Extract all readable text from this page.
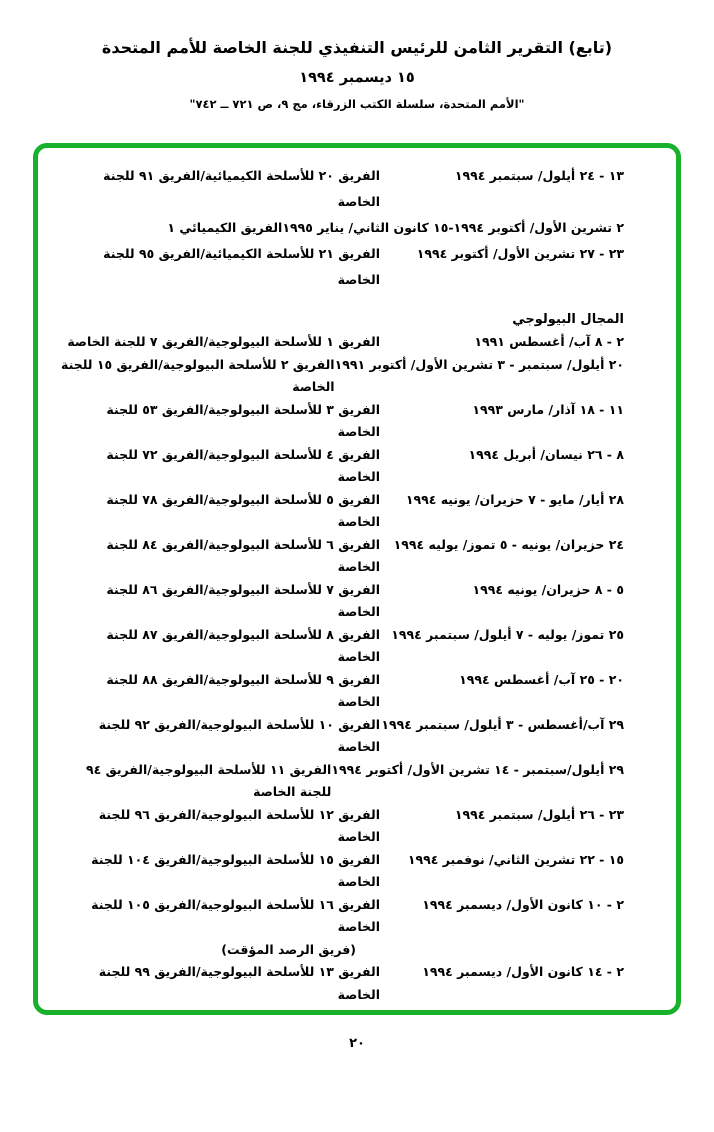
(تابع) التقرير الثامن للرئيس التنفيذي للجنة الخاصة للأمم المتحدة
١٥ ديسمبر ١٩٩٤
"الأمم المتحدة، سلسلة الكتب الزرقاء، مج ٩، ص ٧٢١ ــ ٧٤٢"
١٣ - ٢٤ أيلول/ سبتمبر ١٩٩٤
الفريق ٢٠ للأسلحة الكيميائية/الفريق ٩١ للجنة الخاصة
٢ تشرين الأول/ أكتوبر ١٩٩٤-١٥ كانون الثاني/ يناير ١٩٩٥
الفريق الكيميائي ١
٢٣ - ٢٧ تشرين الأول/ أكتوبر ١٩٩٤
الفريق ٢١ للأسلحة الكيميائية/الفريق ٩٥ للجنة الخاصة
المجال البيولوجي
٢ - ٨ آب/ أغسطس ١٩٩١
الفريق ١ للأسلحة البيولوجية/الفريق ٧ للجنة الخاصة
٢٠ أيلول/ سبتمبر - ٣ تشرين الأول/ أكتوبر ١٩٩١
الفريق ٢ للأسلحة البيولوجية/الفريق ١٥ للجنة الخاصة
١١ - ١٨ آذار/ مارس ١٩٩٣
الفريق ٣ للأسلحة البيولوجية/الفريق ٥٣ للجنة الخاصة
٨ - ٢٦ نيسان/ أبريل ١٩٩٤
الفريق ٤ للأسلحة البيولوجية/الفريق ٧٢ للجنة الخاصة
٢٨ أيار/ مايو - ٧ حزيران/ يونيه ١٩٩٤
الفريق ٥ للأسلحة البيولوجية/الفريق ٧٨ للجنة الخاصة
٢٤ حزيران/ يونيه - ٥ تموز/ يوليه ١٩٩٤
الفريق ٦ للأسلحة البيولوجية/الفريق ٨٤ للجنة الخاصة
٥ - ٨ حزيران/ يونيه ١٩٩٤
الفريق ٧ للأسلحة البيولوجية/الفريق ٨٦ للجنة الخاصة
٢٥ تموز/ يوليه - ٧ أيلول/ سبتمبر ١٩٩٤
الفريق ٨ للأسلحة البيولوجية/الفريق ٨٧ للجنة الخاصة
٢٠ - ٢٥ آب/ أغسطس ١٩٩٤
الفريق ٩ للأسلحة البيولوجية/الفريق ٨٨ للجنة الخاصة
٢٩ آب/أغسطس - ٣ أيلول/ سبتمبر ١٩٩٤
الفريق ١٠ للأسلحة البيولوجية/الفريق ٩٢ للجنة الخاصة
٢٩ أيلول/سبتمبر - ١٤ تشرين الأول/ أكتوبر ١٩٩٤
الفريق ١١ للأسلحة البيولوجية/الفريق ٩٤ للجنة الخاصة
٢٣ - ٢٦ أيلول/ سبتمبر ١٩٩٤
الفريق ١٢ للأسلحة البيولوجية/الفريق ٩٦ للجنة الخاصة
١٥ - ٢٢ تشرين الثاني/ نوفمبر ١٩٩٤
الفريق ١٥ للأسلحة البيولوجية/الفريق ١٠٤ للجنة الخاصة
٢ - ١٠ كانون الأول/ ديسمبر ١٩٩٤
الفريق ١٦ للأسلحة البيولوجية/الفريق ١٠٥ للجنة الخاصة
(فريق الرصد المؤقت)
٢ - ١٤ كانون الأول/ ديسمبر ١٩٩٤
الفريق ١٣ للأسلحة البيولوجية/الفريق ٩٩ للجنة الخاصة
٢٠
